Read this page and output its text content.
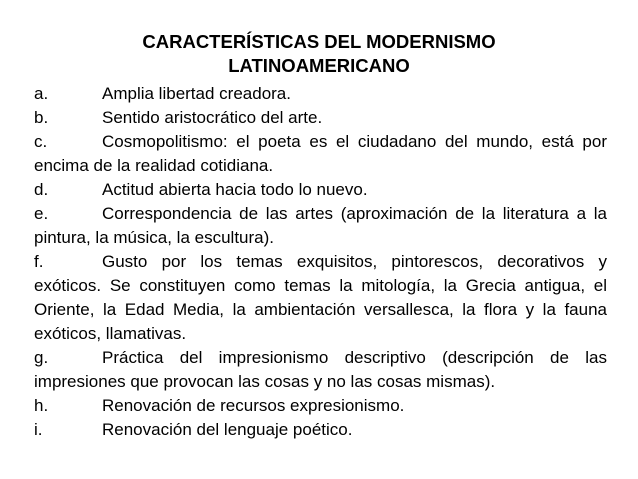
CARACTERÍSTICAS DEL MODERNISMO
LATINOAMERICANO

a.	Amplia libertad creadora.

b.	Sentido aristocrático del arte.

c.	Cosmopolitismo: el poeta es el ciudadano del mundo, está por encima de la realidad cotidiana.

d.	Actitud abierta hacia todo lo nuevo.

e.	Correspondencia de las artes (aproximación de la literatura a la pintura, la música, la escultura).

f.	Gusto por los temas exquisitos, pintorescos, decorativos y exóticos. Se constituyen como temas la mitología, la Grecia antigua, el Oriente, la Edad Media, la ambientación versallesca, la flora y la fauna exóticos, llamativas.

g.	Práctica del impresionismo descriptivo (descripción de las impresiones que provocan las cosas y no las cosas mismas).

h.	Renovación de recursos expresionismo.

i.	Renovación del lenguaje poético.
